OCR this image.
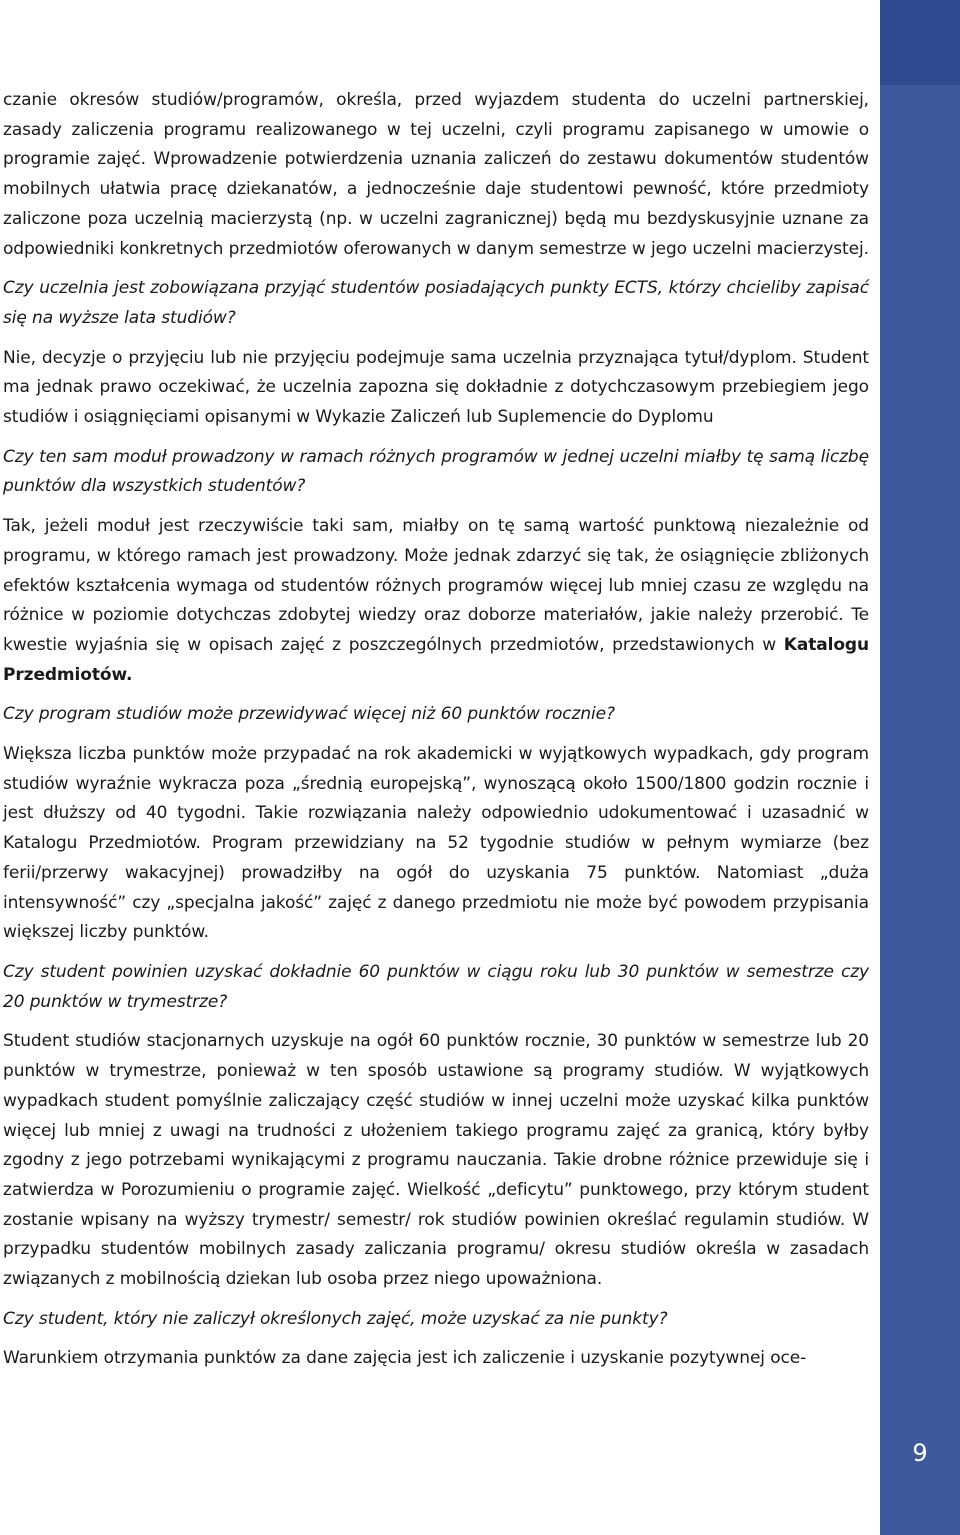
9

czanie okresów studiów/programów, określa, przed wyjazdem studenta do uczelni partnerskiej, zasady zaliczenia programu realizowanego w tej uczelni, czyli programu zapisanego w umowie o programie zajęć. Wprowadzenie potwierdzenia uznania zaliczeń do zestawu dokumentów studentów mobilnych ułatwia pracę dziekanatów, a jednocześnie daje studentowi pewność, które przedmioty zaliczone poza uczelnią macierzystą (np. w uczelni zagranicznej) będą mu bezdyskusyjnie uznane za odpowiedniki konkretnych przedmiotów oferowanych w danym semestrze w jego uczelni macierzystej.

Czy uczelnia jest zobowiązana przyjąć studentów posiadających punkty ECTS, którzy chcieliby zapisać się na wyższe lata studiów?

Nie, decyzje o przyjęciu lub nie przyjęciu podejmuje sama uczelnia przyznająca tytuł/dyplom. Student ma jednak prawo oczekiwać, że uczelnia zapozna się dokładnie z dotychczasowym przebiegiem jego studiów i osiągnięciami opisanymi w Wykazie Zaliczeń lub Suplemencie do Dyplomu

Czy ten sam moduł prowadzony w ramach różnych programów w jednej uczelni miałby tę samą liczbę punktów dla wszystkich studentów?

Tak, jeżeli moduł jest rzeczywiście taki sam, miałby on tę samą wartość punktową niezależnie od programu, w którego ramach jest prowadzony. Może jednak zdarzyć się tak, że osiągnięcie zbliżonych efektów kształcenia wymaga od studentów różnych programów więcej lub mniej czasu ze względu na różnice w poziomie dotychczas zdobytej wiedzy oraz doborze materiałów, jakie należy przerobić. Te kwestie wyjaśnia się w opisach zajęć z poszczególnych przedmiotów, przedstawionych w Katalogu Przedmiotów.

Czy program studiów może przewidywać więcej niż 60 punktów rocznie?

Większa liczba punktów może przypadać na rok akademicki w wyjątkowych wypadkach, gdy program studiów wyraźnie wykracza poza „średnią europejską”, wynoszącą około 1500/1800 godzin rocznie i jest dłuższy od 40 tygodni. Takie rozwiązania należy odpowiednio udokumentować i uzasadnić w Katalogu Przedmiotów. Program przewidziany na 52 tygodnie studiów w pełnym wymiarze (bez ferii/przerwy wakacyjnej) prowadziłby na ogół do uzyskania 75 punktów. Natomiast „duża intensywność” czy „specjalna jakość” zajęć z danego przedmiotu nie może być powodem przypisania większej liczby punktów.

Czy student powinien uzyskać dokładnie 60 punktów w ciągu roku lub 30 punktów w semestrze czy 20 punktów w trymestrze?

Student studiów stacjonarnych uzyskuje na ogół 60 punktów rocznie, 30 punktów w semestrze lub 20 punktów w trymestrze, ponieważ w ten sposób ustawione są programy studiów. W wyjątkowych wypadkach student pomyślnie zaliczający część studiów w innej uczelni może uzyskać kilka punktów więcej lub mniej z uwagi na trudności z ułożeniem takiego programu zajęć za granicą, który byłby zgodny z jego potrzebami wynikającymi z programu nauczania. Takie drobne różnice przewiduje się i zatwierdza w Porozumieniu o programie zajęć. Wielkość „deficytu” punktowego, przy którym student zostanie wpisany na wyższy trymestr/ semestr/ rok studiów powinien określać regulamin studiów. W przypadku studentów mobilnych zasady zaliczania programu/ okresu studiów określa w zasadach związanych z mobilnością dziekan lub osoba przez niego upoważniona.

Czy student, który nie zaliczył określonych zajęć, może uzyskać za nie punkty?

Warunkiem otrzymania punktów za dane zajęcia jest ich zaliczenie i uzyskanie pozytywnej oce-
